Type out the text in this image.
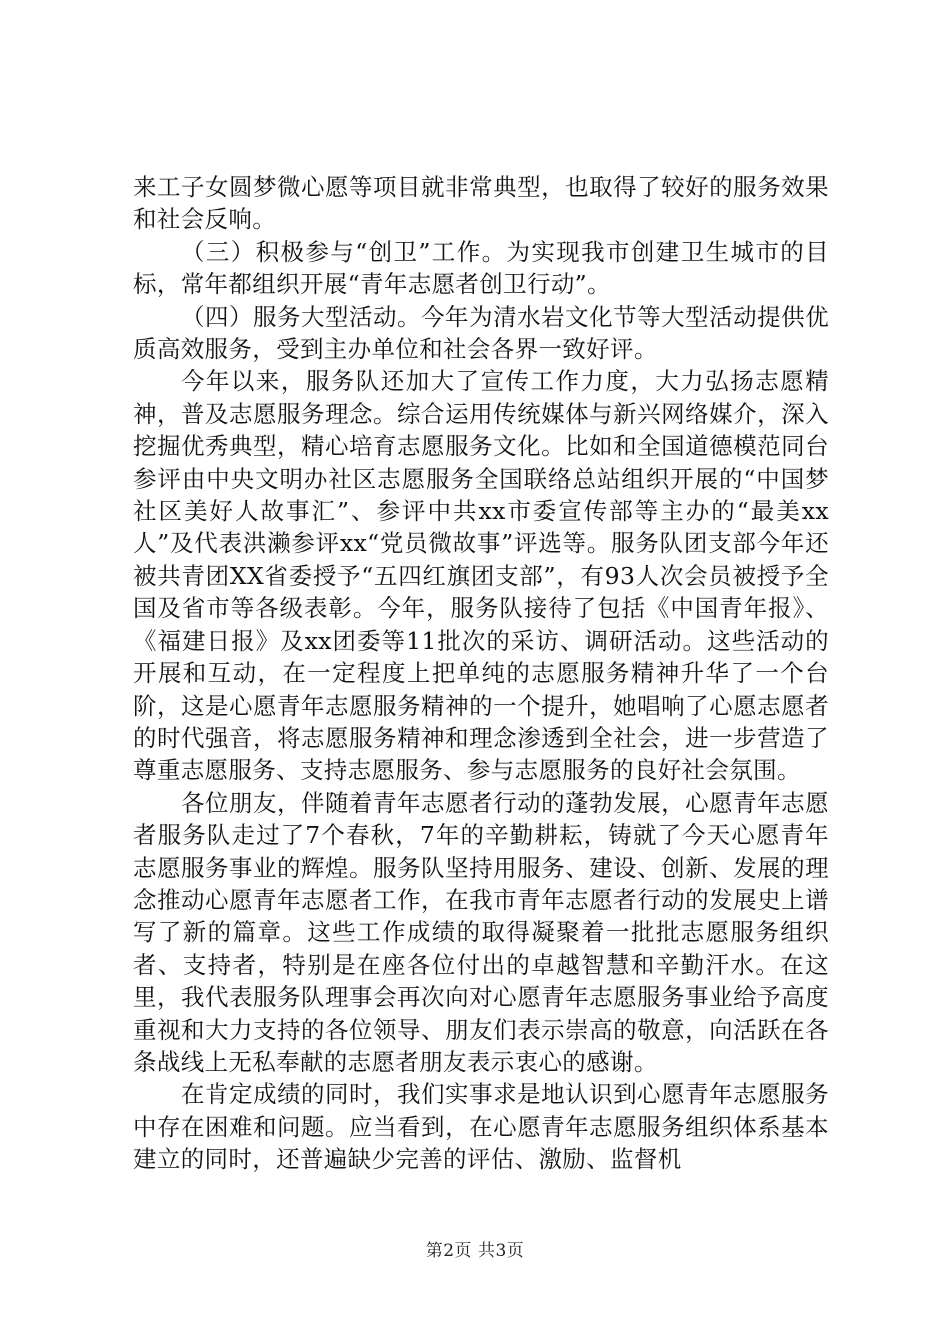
来工子女圆梦微心愿等项目就非常典型，也取得了较好的服务效果和社会反响。

（三）积极参与“创卫”工作。为实现我市创建卫生城市的目标，常年都组织开展“青年志愿者创卫行动”。

（四）服务大型活动。今年为清水岩文化节等大型活动提供优质高效服务，受到主办单位和社会各界一致好评。

今年以来，服务队还加大了宣传工作力度，大力弘扬志愿精神，普及志愿服务理念。综合运用传统媒体与新兴网络媒介，深入挖掘优秀典型，精心培育志愿服务文化。比如和全国道德模范同台参评由中央文明办社区志愿服务全国联络总站组织开展的“中国梦社区美好人故事汇”、参评中共xx市委宣传部等主办的“最美xx人”及代表洪濑参评xx“党员微故事”评选等。服务队团支部今年还被共青团XX省委授予“五四红旗团支部”，有93人次会员被授予全国及省市等各级表彰。今年，服务队接待了包括《中国青年报》、《福建日报》及xx团委等11批次的采访、调研活动。这些活动的开展和互动，在一定程度上把单纯的志愿服务精神升华了一个台阶，这是心愿青年志愿服务精神的一个提升，她唱响了心愿志愿者的时代强音，将志愿服务精神和理念渗透到全社会，进一步营造了尊重志愿服务、支持志愿服务、参与志愿服务的良好社会氛围。

各位朋友，伴随着青年志愿者行动的蓬勃发展，心愿青年志愿者服务队走过了7个春秋，7年的辛勤耕耘，铸就了今天心愿青年志愿服务事业的辉煌。服务队坚持用服务、建设、创新、发展的理念推动心愿青年志愿者工作，在我市青年志愿者行动的发展史上谱写了新的篇章。这些工作成绩的取得凝聚着一批批志愿服务组织者、支持者，特别是在座各位付出的卓越智慧和辛勤汗水。在这里，我代表服务队理事会再次向对心愿青年志愿服务事业给予高度重视和大力支持的各位领导、朋友们表示崇高的敬意，向活跃在各条战线上无私奉献的志愿者朋友表示衷心的感谢。

在肯定成绩的同时，我们实事求是地认识到心愿青年志愿服务中存在困难和问题。应当看到，在心愿青年志愿服务组织体系基本建立的同时，还普遍缺少完善的评估、激励、监督机

第2页 共3页
